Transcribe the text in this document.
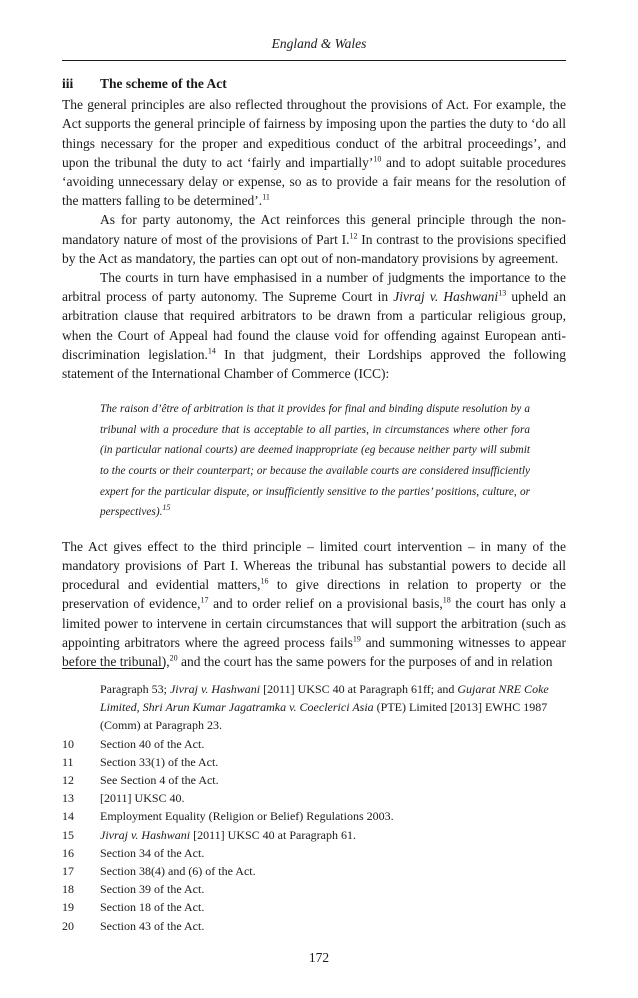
England & Wales
iii The scheme of the Act

The general principles are also reflected throughout the provisions of Act. For example, the Act supports the general principle of fairness by imposing upon the parties the duty to ‘do all things necessary for the proper and expeditious conduct of the arbitral proceedings’, and upon the tribunal the duty to act ‘fairly and impartially’$^{10}$ and to adopt suitable procedures ‘avoiding unnecessary delay or expense, so as to provide a fair means for the resolution of the matters falling to be determined’.$^{11}$

As for party autonomy, the Act reinforces this general principle through the non-mandatory nature of most of the provisions of Part I.$^{12}$ In contrast to the provisions specified by the Act as mandatory, the parties can opt out of non-mandatory provisions by agreement.

The courts in turn have emphasised in a number of judgments the importance to the arbitral process of party autonomy. The Supreme Court in Jivraj v. Hashwani$^{13}$ upheld an arbitration clause that required arbitrators to be drawn from a particular religious group, when the Court of Appeal had found the clause void for offending against European anti-discrimination legislation.$^{14}$ In that judgment, their Lordships approved the following statement of the International Chamber of Commerce (ICC):

The raison d’être of arbitration is that it provides for final and binding dispute resolution by a tribunal with a procedure that is acceptable to all parties, in circumstances where other fora (in particular national courts) are deemed inappropriate (eg because neither party will submit to the courts or their counterpart; or because the available courts are considered insufficiently expert for the particular dispute, or insufficiently sensitive to the parties’ positions, culture, or perspectives).$^{15}$

The Act gives effect to the third principle – limited court intervention – in many of the mandatory provisions of Part I. Whereas the tribunal has substantial powers to decide all procedural and evidential matters,$^{16}$ to give directions in relation to property or the preservation of evidence,$^{17}$ and to order relief on a provisional basis,$^{18}$ the court has only a limited power to intervene in certain circumstances that will support the arbitration (such as appointing arbitrators where the agreed process fails$^{19}$ and summoning witnesses to appear before the tribunal),$^{20}$ and the court has the same powers for the purposes of and in relation

Paragraph 53; Jivraj v. Hashwani [2011] UKSC 40 at Paragraph 61ff; and Gujarat NRE Coke Limited, Shri Arun Kumar Jagatramka v. Coeclerici Asia (PTE) Limited [2013] EWHC 1987 (Comm) at Paragraph 23.
10	Section 40 of the Act.
11	Section 33(1) of the Act.
12	See Section 4 of the Act.
13	[2011] UKSC 40.
14	Employment Equality (Religion or Belief) Regulations 2003.
15	Jivraj v. Hashwani [2011] UKSC 40 at Paragraph 61.
16	Section 34 of the Act.
17	Section 38(4) and (6) of the Act.
18	Section 39 of the Act.
19	Section 18 of the Act.
20	Section 43 of the Act.
172
